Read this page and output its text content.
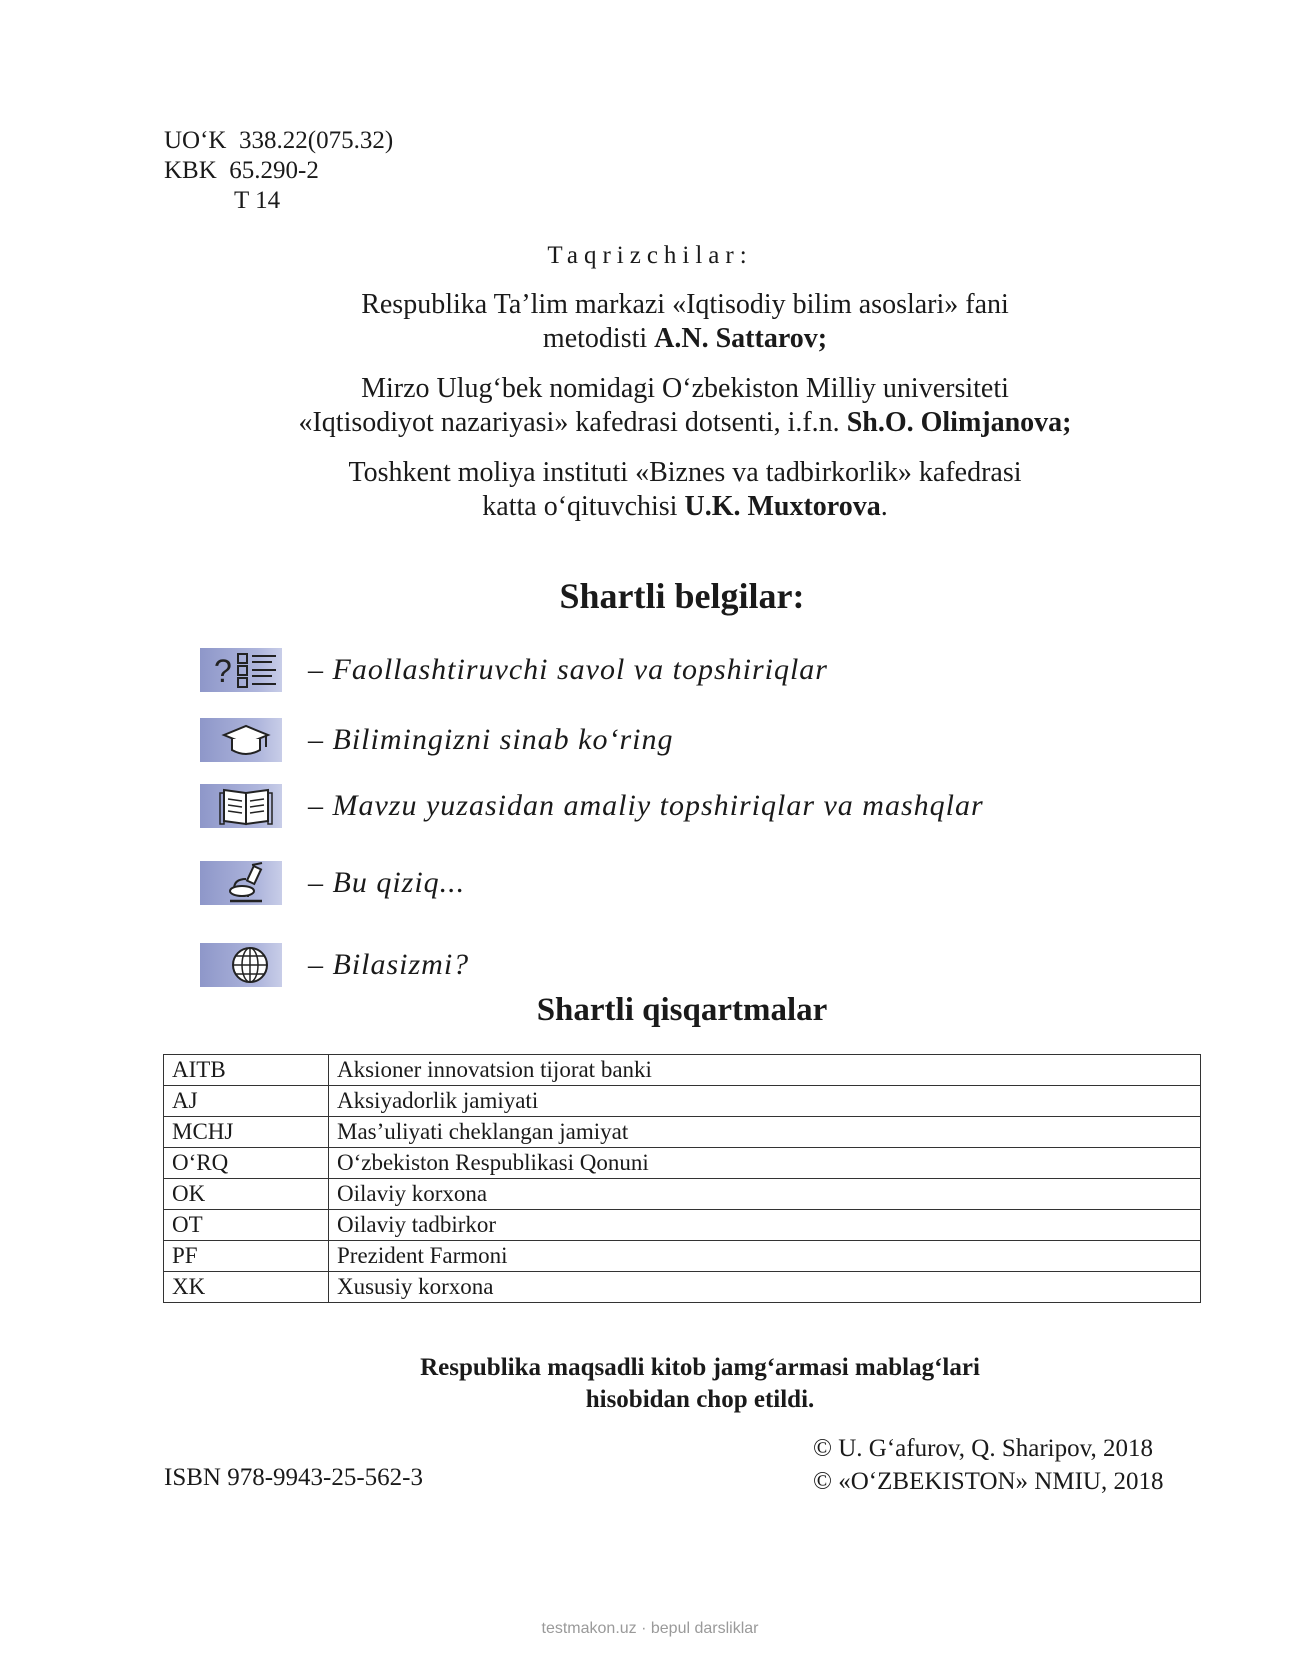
UO‘K  338.22(075.32)
KBK  65.290-2
T 14
Taqrizchilar:
Respublika Ta’lim markazi «Iqtisodiy bilim asoslari» fani
metodisti A.N. Sattarov;
Mirzo Ulug‘bek nomidagi O‘zbekiston Milliy universiteti
«Iqtisodiyot nazariyasi» kafedrasi dotsenti, i.f.n. Sh.O. Olimjanova;
Toshkent moliya instituti «Biznes va tadbirkorlik» kafedrasi
katta o‘qituvchisi U.K. Muxtorova.
Shartli belgilar:
?	– Faollashtiruvchi savol va topshiriqlar
– Bilimingizni sinab ko‘ring
– Mavzu yuzasidan amaliy topshiriqlar va mashqlar
– Bu qiziq...
– Bilasizmi?
Shartli qisqartmalar
AITB	Aksioner innovatsion tijorat banki
AJ	Aksiyadorlik jamiyati
MCHJ	Mas’uliyati cheklangan jamiyat
O‘RQ	O‘zbekiston Respublikasi Qonuni
OK	Oilaviy korxona
OT	Oilaviy tadbirkor
PF	Prezident Farmoni
XK	Xususiy korxona
Respublika maqsadli kitob jamg‘armasi mablag‘lari
hisobidan chop etildi.
© U. G‘afurov, Q. Sharipov, 2018
© «O‘ZBEKISTON» NMIU, 2018
ISBN 978-9943-25-562-3
testmakon.uz · bepul darsliklar
